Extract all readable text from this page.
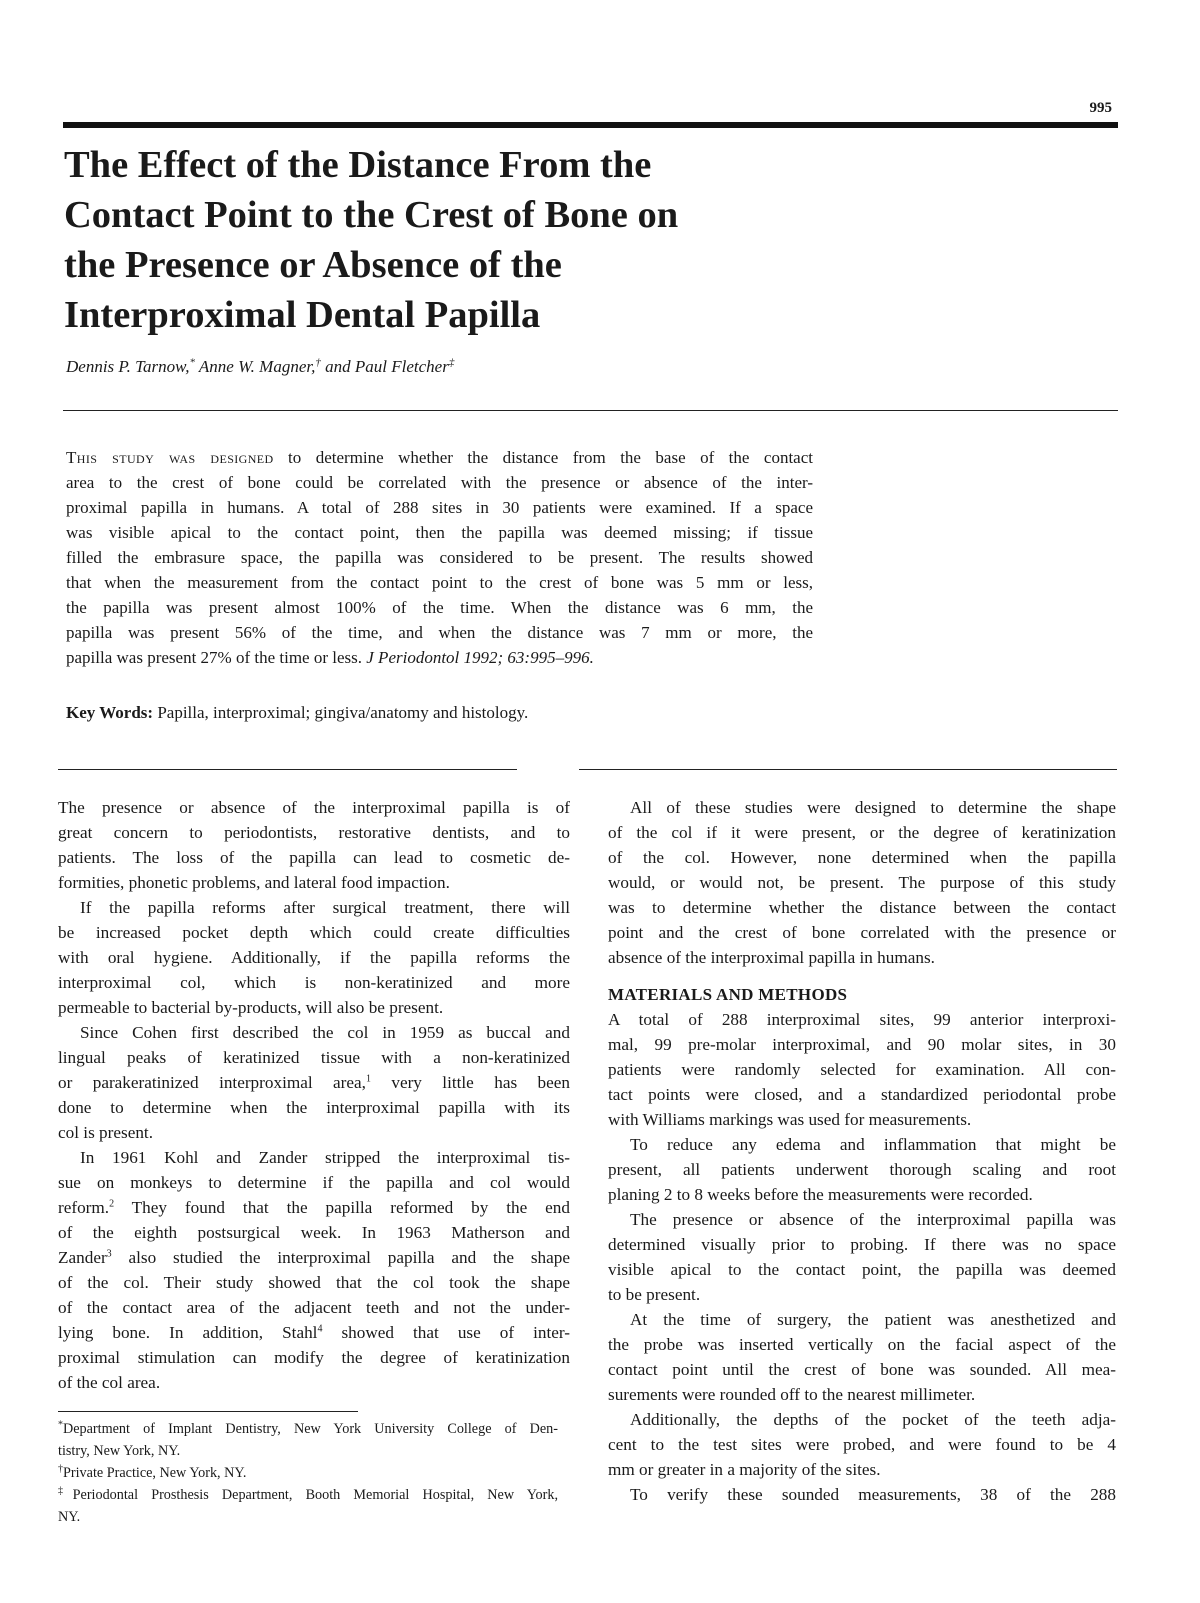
995
The Effect of the Distance From the
Contact Point to the Crest of Bone on
the Presence or Absence of the
Interproximal Dental Papilla
Dennis P. Tarnow,* Anne W. Magner,† and Paul Fletcher‡
This study was designed to determine whether the distance from the base of the contact
area to the crest of bone could be correlated with the presence or absence of the inter-
proximal papilla in humans. A total of 288 sites in 30 patients were examined. If a space
was visible apical to the contact point, then the papilla was deemed missing; if tissue
filled the embrasure space, the papilla was considered to be present. The results showed
that when the measurement from the contact point to the crest of bone was 5 mm or less,
the papilla was present almost 100% of the time. When the distance was 6 mm, the
papilla was present 56% of the time, and when the distance was 7 mm or more, the
papilla was present 27% of the time or less. J Periodontol 1992; 63:995–996.
Key Words: Papilla, interproximal; gingiva/anatomy and histology.
The presence or absence of the interproximal papilla is of
great concern to periodontists, restorative dentists, and to
patients. The loss of the papilla can lead to cosmetic de-
formities, phonetic problems, and lateral food impaction.
If the papilla reforms after surgical treatment, there will
be increased pocket depth which could create difficulties
with oral hygiene. Additionally, if the papilla reforms the
interproximal col, which is non-keratinized and more
permeable to bacterial by-products, will also be present.
Since Cohen first described the col in 1959 as buccal and
lingual peaks of keratinized tissue with a non-keratinized
or parakeratinized interproximal area,$^1$ very little has been
done to determine when the interproximal papilla with its
col is present.
In 1961 Kohl and Zander stripped the interproximal tis-
sue on monkeys to determine if the papilla and col would
reform.$^2$ They found that the papilla reformed by the end
of the eighth postsurgical week. In 1963 Matherson and
Zander$^3$ also studied the interproximal papilla and the shape
of the col. Their study showed that the col took the shape
of the contact area of the adjacent teeth and not the under-
lying bone. In addition, Stahl$^4$ showed that use of inter-
proximal stimulation can modify the degree of keratinization
of the col area.
*Department of Implant Dentistry, New York University College of Den-
tistry, New York, NY.
†Private Practice, New York, NY.
‡Periodontal Prosthesis Department, Booth Memorial Hospital, New York,
NY.
All of these studies were designed to determine the shape
of the col if it were present, or the degree of keratinization
of the col. However, none determined when the papilla
would, or would not, be present. The purpose of this study
was to determine whether the distance between the contact
point and the crest of bone correlated with the presence or
absence of the interproximal papilla in humans.
MATERIALS AND METHODS
A total of 288 interproximal sites, 99 anterior interproxi-
mal, 99 pre-molar interproximal, and 90 molar sites, in 30
patients were randomly selected for examination. All con-
tact points were closed, and a standardized periodontal probe
with Williams markings was used for measurements.
To reduce any edema and inflammation that might be
present, all patients underwent thorough scaling and root
planing 2 to 8 weeks before the measurements were recorded.
The presence or absence of the interproximal papilla was
determined visually prior to probing. If there was no space
visible apical to the contact point, the papilla was deemed
to be present.
At the time of surgery, the patient was anesthetized and
the probe was inserted vertically on the facial aspect of the
contact point until the crest of bone was sounded. All mea-
surements were rounded off to the nearest millimeter.
Additionally, the depths of the pocket of the teeth adja-
cent to the test sites were probed, and were found to be 4
mm or greater in a majority of the sites.
To verify these sounded measurements, 38 of the 288
